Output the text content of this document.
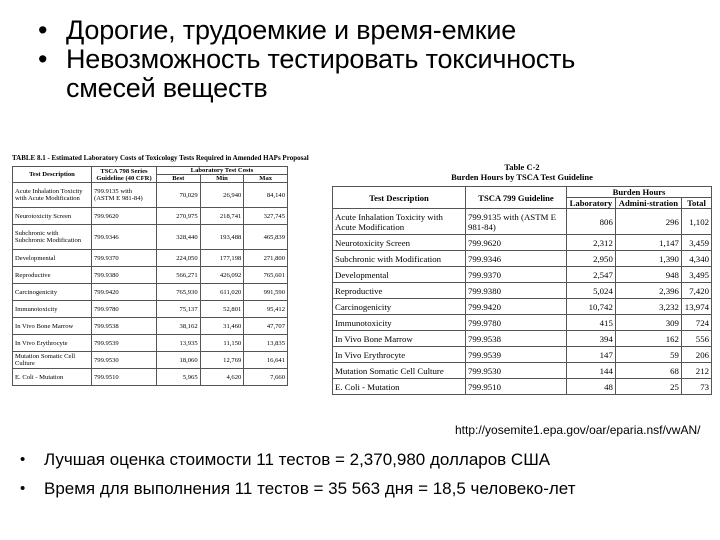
• Дорогие, трудоемкие и время-емкие
• Невозможность тестировать токсичность
смесей веществ
TABLE 8.1 - Estimated Laboratory Costs of Toxicology Tests Required in Amended HAPs Proposal
Test Description	TSCA 798 Series Guideline (40 CFR)	Laboratory Test Costs		
		Best	Min	Max
Acute Inhalation Toxicity with Acute Modification	799.9135 with (ASTM E 981-84)	70,029	26,940	84,140
Neurotoxicity Screen	799.9620	270,975	218,741	327,745
Subchronic with Subchronic Modification	799.9346	328,440	193,488	465,839
Developmental	799.9370	224,050	177,198	271,800
Reproductive	799.9380	566,271	426,092	765,601
Carcinogenicity	799.9420	765,930	611,020	991,590
Immunotoxicity	799.9780	75,137	52,801	95,412
In Vivo Bone Marrow	799.9538	38,162	31,460	47,707
In Vivo Erythrocyte	799.9539	13,935	11,150	13,835
Mutation Somatic Cell Culture	799.9530	18,060	12,769	16,641
E. Coli - Mutation	799.9510	5,965	4,620	7,660
Table C-2
Burden Hours by TSCA Test Guideline
Test Description	TSCA 799 Guideline	Burden Hours		
		Laboratory	Admini-stration	Total
Acute Inhalation Toxicity with Acute Modification	799.9135 with (ASTM E 981-84)	806	296	1,102
Neurotoxicity Screen	799.9620	2,312	1,147	3,459
Subchronic with Modification	799.9346	2,950	1,390	4,340
Developmental	799.9370	2,547	948	3,495
Reproductive	799.9380	5,024	2,396	7,420
Carcinogenicity	799.9420	10,742	3,232	13,974
Immunotoxicity	799.9780	415	309	724
In Vivo Bone Marrow	799.9538	394	162	556
In Vivo Erythrocyte	799.9539	147	59	206
Mutation Somatic Cell Culture	799.9530	144	68	212
E. Coli - Mutation	799.9510	48	25	73
http://yosemite1.epa.gov/oar/eparia.nsf/vwAN/
•	Лучшая оценка стоимости 11 тестов = 2,370,980 долларов США
•	Время для выполнения 11 тестов = 35 563 дня = 18,5 человеко-лет
